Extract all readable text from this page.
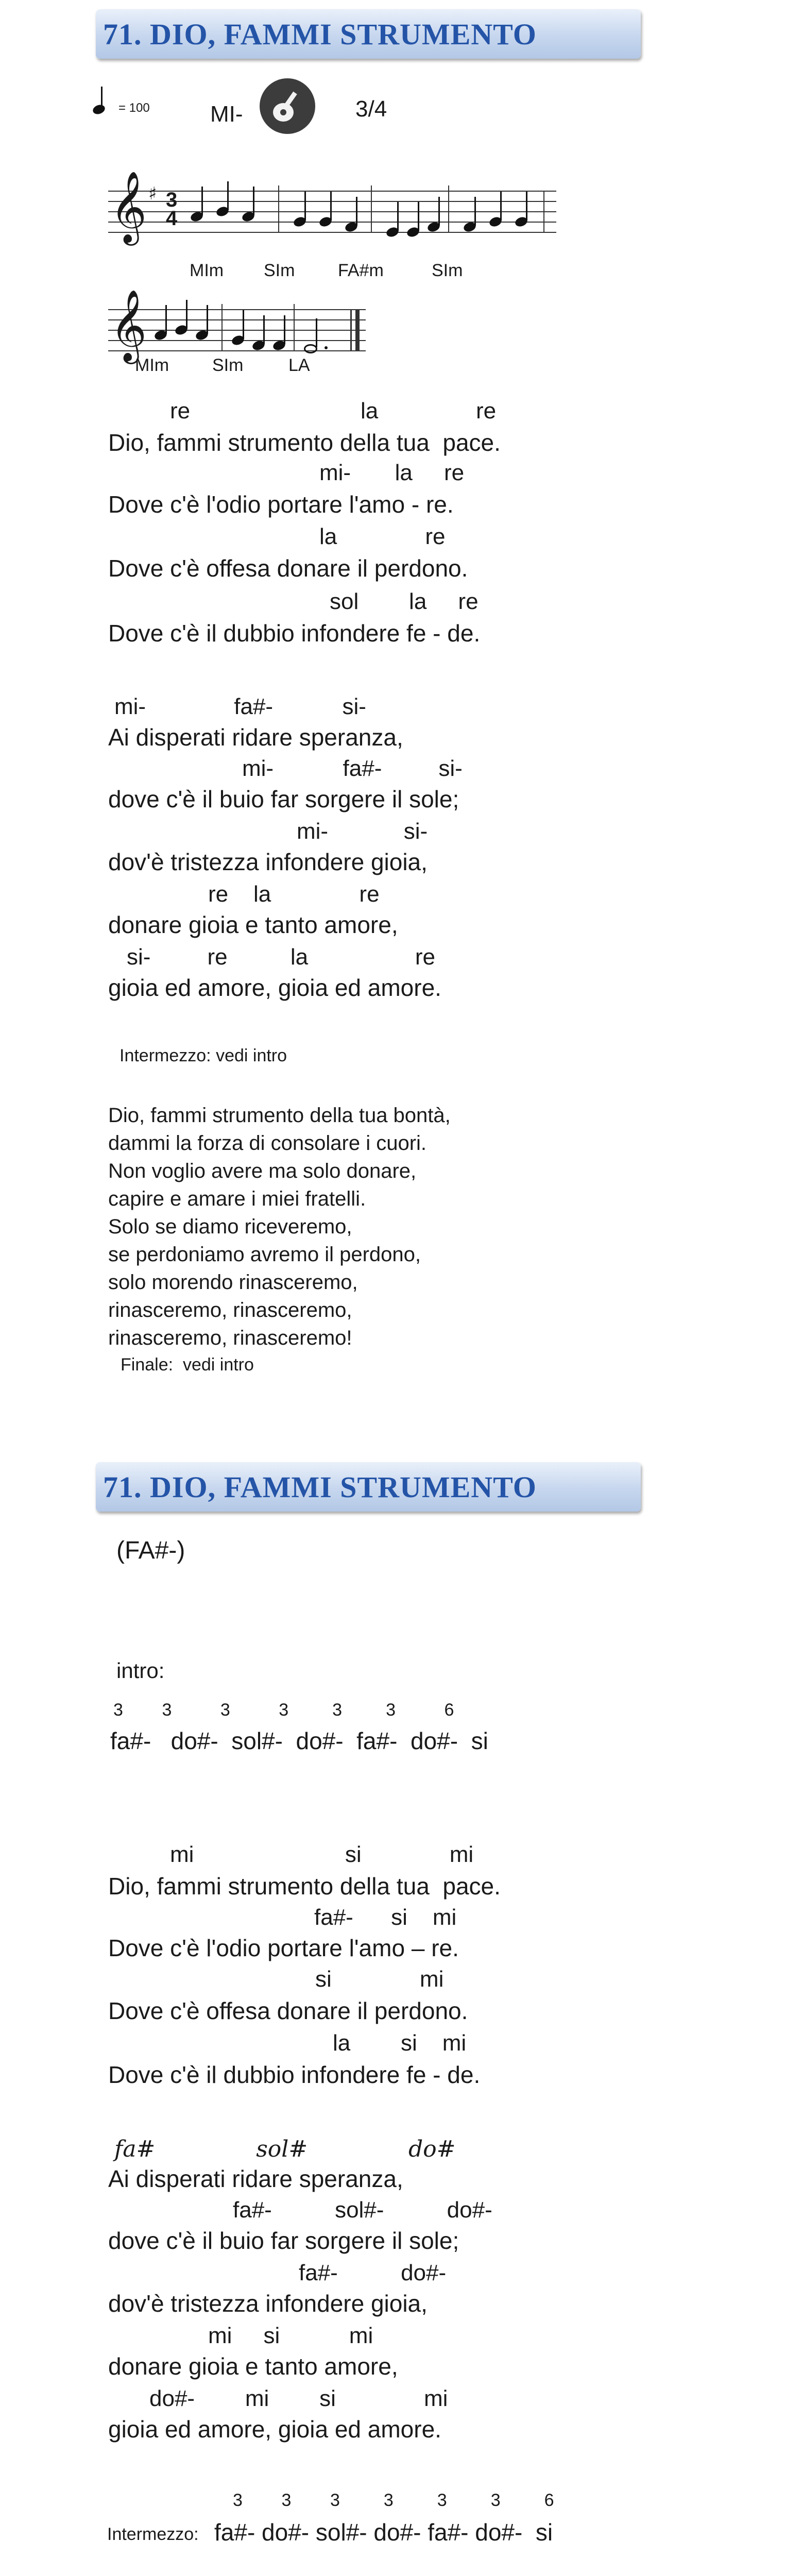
71. DIO, FAMMI STRUMENTO
= 100	MI-	3/4
𝄞 ♯ 3
4
MIm SIm FA#m	SIm
𝄞
MIm SIm	LA
re	la	re
Dio, fammi strumento della tua  pace.
mi-       la     re
Dove c'è l'odio portare l'amo - re.
la              re
Dove c'è offesa donare il perdono.
sol        la     re
Dove c'è il dubbio infondere fe - de.
mi-              fa#-           si-
Ai disperati ridare speranza,
mi-           fa#-         si-
dove c'è il buio far sorgere il sole;
mi-            si-
dov'è tristezza infondere gioia,
re    la              re
donare gioia e tanto amore,
si-         re          la                 re
gioia ed amore, gioia ed amore.
Intermezzo: vedi intro
Dio, fammi strumento della tua bontà,
dammi la forza di consolare i cuori.
Non voglio avere ma solo donare,
capire e amare i miei fratelli.
Solo se diamo riceveremo,
se perdoniamo avremo il perdono,
solo morendo rinasceremo,
rinasceremo, rinasceremo,
rinasceremo, rinasceremo!
Finale:  vedi intro
71. DIO, FAMMI STRUMENTO
(FA#-)
intro:
3        3          3          3         3         3          6
fa#-   do#-  sol#-  do#-  fa#-  do#-  si
mi                        si              mi
Dio, fammi strumento della tua  pace.
fa#-      si    mi
Dove c'è l'odio portare l'amo – re.
si              mi
Dove c'è offesa donare il perdono.
la        si    mi
Dove c'è il dubbio infondere fe - de.
fa#              sol#              do#
Ai disperati ridare speranza,
fa#-          sol#-          do#-
dove c'è il buio far sorgere il sole;
fa#-          do#-
dov'è tristezza infondere gioia,
mi     si           mi
donare gioia e tanto amore,
do#-        mi        si              mi
gioia ed amore, gioia ed amore.
3        3        3         3         3         3         6
Intermezzo: fa#- do#- sol#- do#- fa#- do#-  si
